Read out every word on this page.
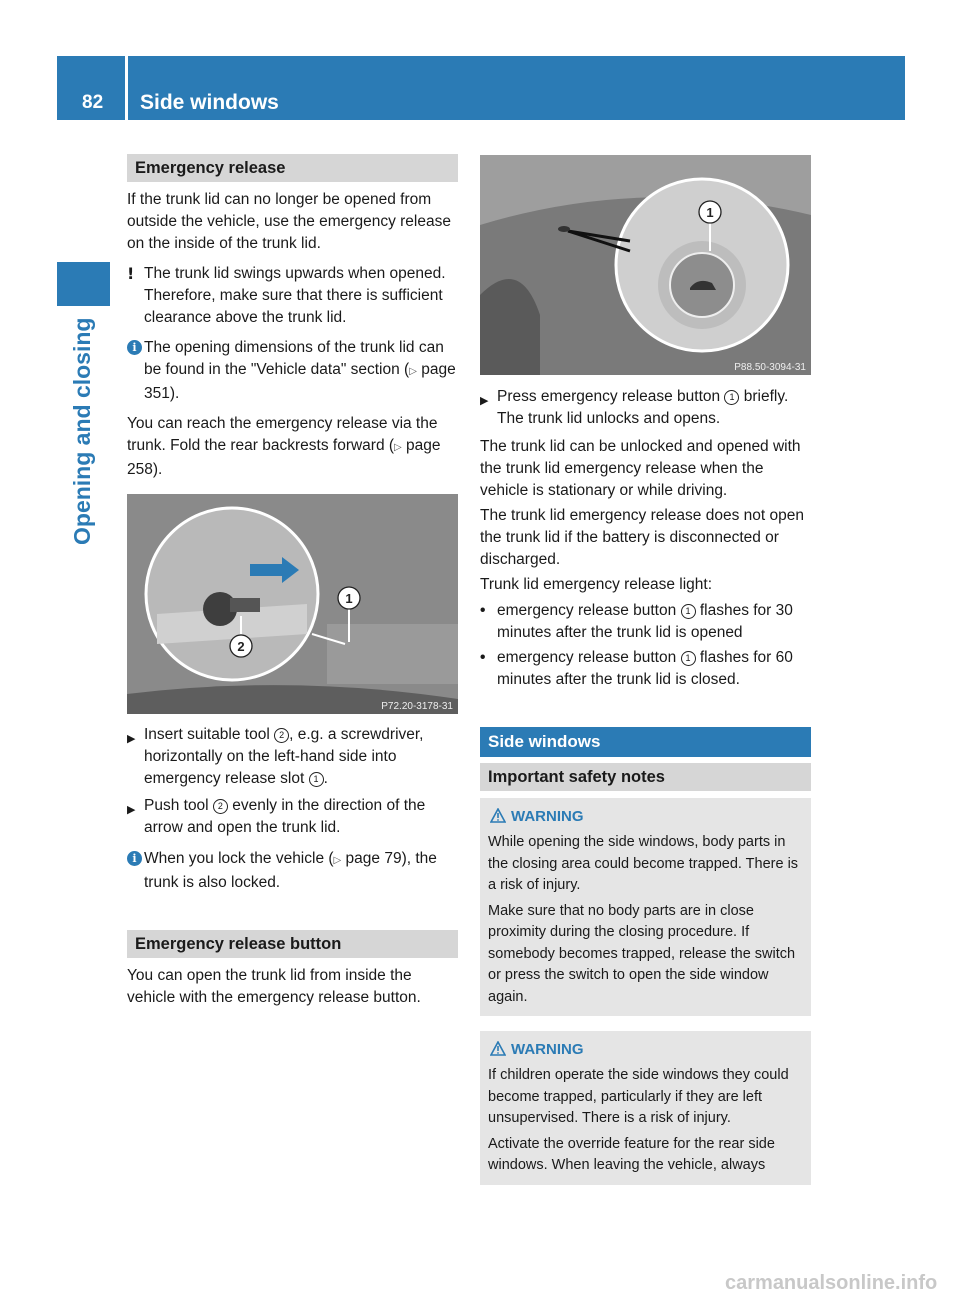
82 Side windows
Opening and closing
Emergency release

If the trunk lid can no longer be opened from outside the vehicle, use the emergency release on the inside of the trunk lid.

! The trunk lid swings upwards when opened. Therefore, make sure that there is sufficient clearance above the trunk lid.

i The opening dimensions of the trunk lid can be found in the "Vehicle data" section (▷ page 351).

You can reach the emergency release via the trunk. Fold the rear backrests forward (▷ page 258).

1
2
P72.20-3178-31

▶ Insert suitable tool 2 , e.g. a screwdriver, horizontally on the left-hand side into emergency release slot 1 .

▶ Push tool 2 evenly in the direction of the arrow and open the trunk lid.

i When you lock the vehicle (▷ page 79), the trunk is also locked.

Emergency release button

You can open the trunk lid from inside the vehicle with the emergency release button.

1
P88.50-3094-31

▶ Press emergency release button 1 briefly.

The trunk lid unlocks and opens.

The trunk lid can be unlocked and opened with the trunk lid emergency release when the vehicle is stationary or while driving.

The trunk lid emergency release does not open the trunk lid if the battery is disconnected or discharged.

Trunk lid emergency release light:

• emergency release button 1 flashes for 30 minutes after the trunk lid is opened

• emergency release button 1 flashes for 60 minutes after the trunk lid is closed.

Side windows
Important safety notes
WARNING

While opening the side windows, body parts in the closing area could become trapped. There is a risk of injury.

Make sure that no body parts are in close proximity during the closing procedure. If somebody becomes trapped, release the switch or press the switch to open the side window again.

WARNING

If children operate the side windows they could become trapped, particularly if they are left unsupervised. There is a risk of injury.

Activate the override feature for the rear side windows. When leaving the vehicle, always

carmanualsonline.info
